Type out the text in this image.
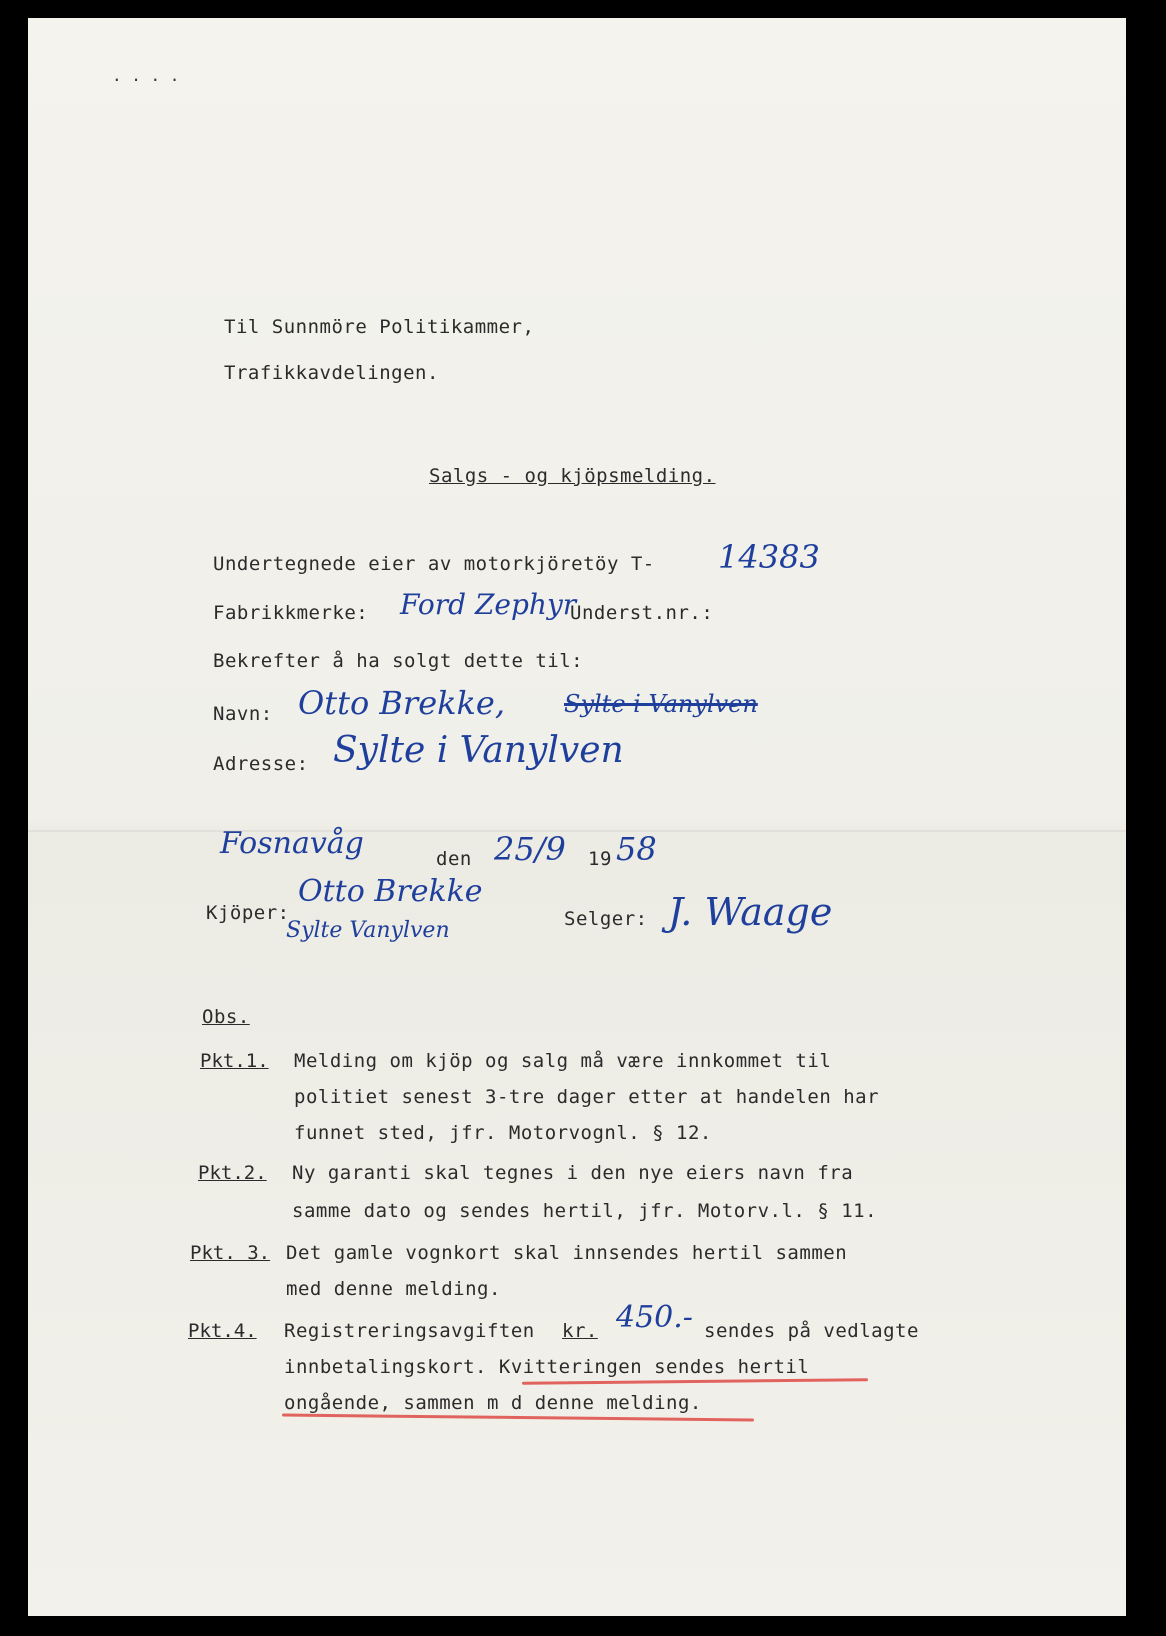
. . . .
Til Sunnmöre Politikammer,
Trafikkavdelingen.
Salgs - og kjöpsmelding.
Undertegnede eier av motorkjöretöy T- 14383
Fabrikkmerke: Ford Zephyr
Underst.nr.:
Bekrefter å ha solgt dette til:
Navn: Otto Brekke, Sylte i Vanylven
Adresse: Sylte i Vanylven
Fosnavåg	den 25/9 19 58
Kjöper:
Otto Brekke
Sylte Vanylven	Selger: J. Waage
Obs.
Pkt.1. Melding om kjöp og salg må være innkommet til
politiet senest 3-tre dager etter at handelen har
funnet sted, jfr. Motorvognl. § 12.
Pkt.2. Ny garanti skal tegnes i den nye eiers navn fra
samme dato og sendes hertil, jfr. Motorv.l. § 11.
Pkt. 3. Det gamle vognkort skal innsendes hertil sammen
med denne melding.
Pkt.4. Registreringsavgiften kr. 450.- sendes på vedlagte
innbetalingskort. Kvitteringen sendes hertil
ongående, sammen m d denne melding.
